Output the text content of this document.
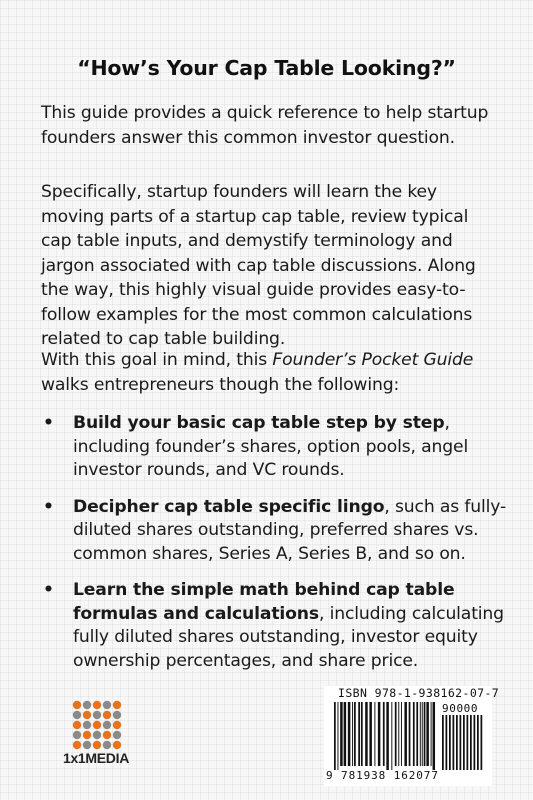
“How’s Your Cap Table Looking?”
This guide provides a quick reference to help startup founders answer this common investor question.
Specifically, startup founders will learn the key moving parts of a startup cap table, review typical cap table inputs, and demystify terminology and jargon associated with cap table discussions. Along the way, this highly visual guide provides easy-to-follow examples for the most common calculations related to cap table building.
With this goal in mind, this Founder’s Pocket Guide walks entrepreneurs though the following:
• Build your basic cap table step by step, including founder’s shares, option pools, angel investor rounds, and VC rounds.
• Decipher cap table specific lingo, such as fully-diluted shares outstanding, preferred shares vs. common shares, Series A, Series B, and so on.
• Learn the simple math behind cap table formulas and calculations, including calculating fully diluted shares outstanding, investor equity ownership percentages, and share price.
1x1MEDIA
ISBN 978-1-938162-07-7
90000
9 781938 162077
